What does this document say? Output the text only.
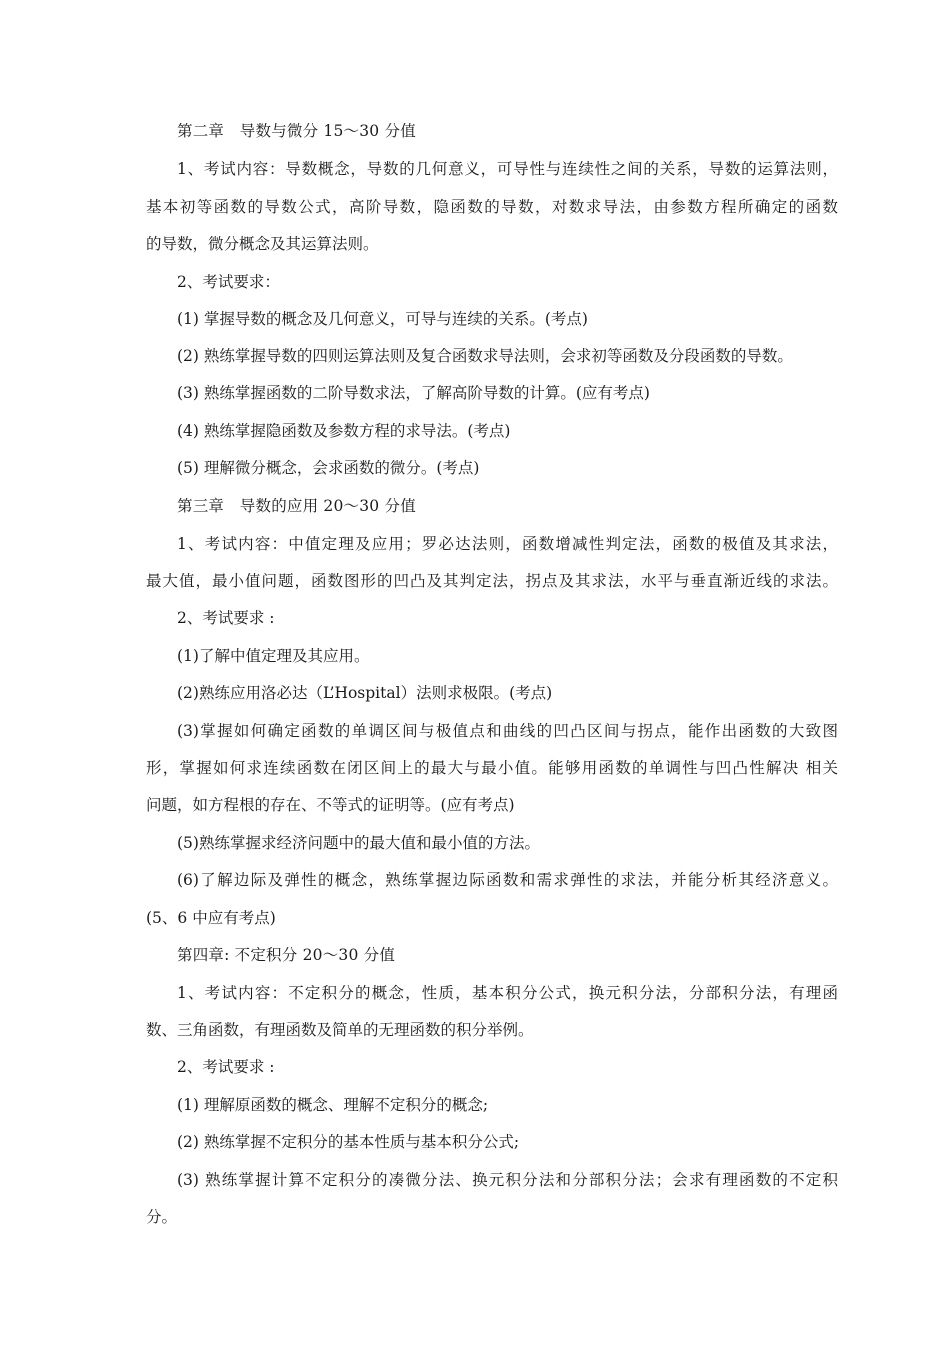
第二章　导数与微分 15～30 分值
1、考试内容：导数概念，导数的几何意义，可导性与连续性之间的关系，导数的运算法则，
基本初等函数的导数公式，高阶导数，隐函数的导数，对数求导法，由参数方程所确定的函数
的导数，微分概念及其运算法则。
2、考试要求：
(1) 掌握导数的概念及几何意义，可导与连续的关系。(考点)
(2) 熟练掌握导数的四则运算法则及复合函数求导法则，会求初等函数及分段函数的导数。
(3) 熟练掌握函数的二阶导数求法，了解高阶导数的计算。(应有考点)
(4) 熟练掌握隐函数及参数方程的求导法。(考点)
(5) 理解微分概念，会求函数的微分。(考点)
第三章　导数的应用 20～30 分值
1、考试内容：中值定理及应用；罗必达法则，函数增减性判定法，函数的极值及其求法，
最大值，最小值问题，函数图形的凹凸及其判定法，拐点及其求法，水平与垂直渐近线的求法。
2、考试要求 :
(1)了解中值定理及其应用。
(2)熟练应用洛必达（L’Hospital）法则求极限。(考点)
(3)掌握如何确定函数的单调区间与极值点和曲线的凹凸区间与拐点，能作出函数的大致图
形，掌握如何求连续函数在闭区间上的最大与最小值。能够用函数的单调性与凹凸性解决 相关
问题，如方程根的存在、不等式的证明等。(应有考点)
(5)熟练掌握求经济问题中的最大值和最小值的方法。
(6)了解边际及弹性的概念，熟练掌握边际函数和需求弹性的求法，并能分析其经济意义。
(5、6 中应有考点)
第四章: 不定积分 20～30 分值
1、考试内容：不定积分的概念，性质，基本积分公式，换元积分法，分部积分法，有理函
数、三角函数，有理函数及简单的无理函数的积分举例。
2、考试要求 :
(1) 理解原函数的概念、理解不定积分的概念;
(2) 熟练掌握不定积分的基本性质与基本积分公式;
(3) 熟练掌握计算不定积分的凑微分法、换元积分法和分部积分法；会求有理函数的不定积
分。
